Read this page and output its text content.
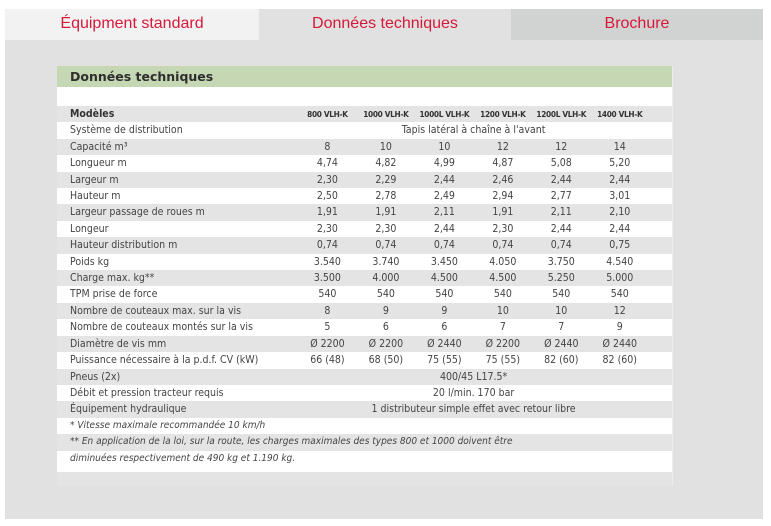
Équipment standard	Données techniques	Brochure
Données techniques
Modèles	800 VLH-K	1000 VLH-K	1000L VLH-K	1200 VLH-K	1200L VLH-K	1400 VLH-K	
Système de distribution	Tapis latéral à chaîne à l'avant						
Capacité m³	8	10	10	12	12	14	
Longueur m	4,74	4,82	4,99	4,87	5,08	5,20	
Largeur m	2,30	2,29	2,44	2,46	2,44	2,44	
Hauteur m	2,50	2,78	2,49	2,94	2,77	3,01	
Largeur passage de roues m	1,91	1,91	2,11	1,91	2,11	2,10	
Longeur	2,30	2,30	2,44	2,30	2,44	2,44	
Hauteur distribution m	0,74	0,74	0,74	0,74	0,74	0,75	
Poids kg	3.540	3.740	3.450	4.050	3.750	4.540	
Charge max. kg**	3.500	4.000	4.500	4.500	5.250	5.000	
TPM prise de force	540	540	540	540	540	540	
Nombre de couteaux max. sur la vis	8	9	9	10	10	12	
Nombre de couteaux montés sur la vis	5	6	6	7	7	9	
Diamètre de vis mm	Ø 2200	Ø 2200	Ø 2440	Ø 2200	Ø 2440	Ø 2440	
Puissance nécessaire à la p.d.f. CV (kW)	66 (48)	68 (50)	75 (55)	75 (55)	82 (60)	82 (60)	
Pneus (2x)	400/45 L17.5*						
Débit et pression tracteur requis	20 l/min. 170 bar						
Équipement hydraulique	1 distributeur simple effet avec retour libre						
* Vitesse maximale recommandée 10 km/h							
** En application de la loi, sur la route, les charges maximales des types 800 et 1000 doivent être							
diminuées respectivement de 490 kg et 1.190 kg.							
